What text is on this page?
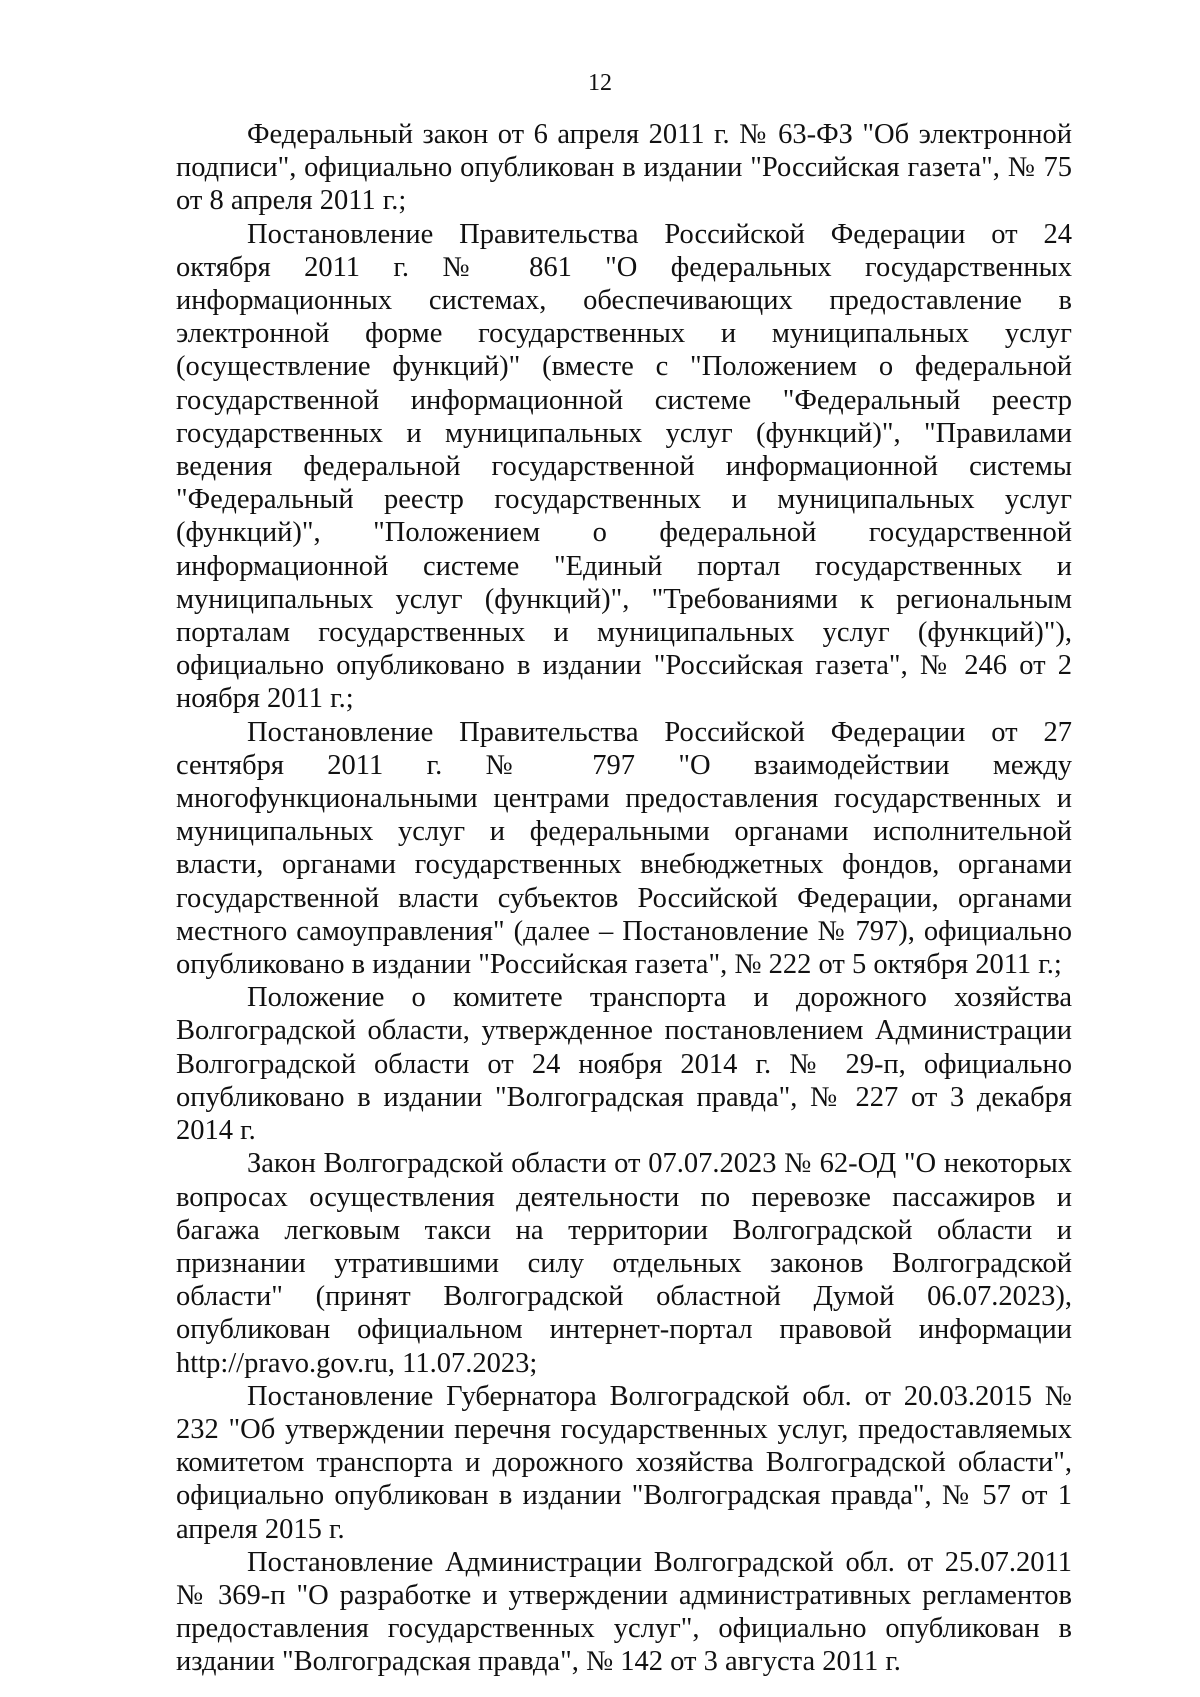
12

Федеральный закон от 6 апреля 2011 г. № 63-ФЗ "Об электронной подписи", официально опубликован в издании "Российская газета", № 75 от 8 апреля 2011 г.;

Постановление Правительства Российской Федерации от 24 октября 2011 г. № 861 "О федеральных государственных информационных системах, обеспечивающих предоставление в электронной форме государственных и муниципальных услуг (осуществление функций)" (вместе с "Положением о федеральной государственной информационной системе "Федеральный реестр государственных и муниципальных услуг (функций)", "Правилами ведения федеральной государственной информационной системы "Федеральный реестр государственных и муниципальных услуг (функций)", "Положением о федеральной государственной информационной системе "Единый портал государственных и муниципальных услуг (функций)", "Требованиями к региональным порталам государственных и муниципальных услуг (функций)"), официально опубликовано в издании "Российская газета", № 246 от 2 ноября 2011 г.;

Постановление Правительства Российской Федерации от 27 сентября 2011 г. № 797 "О взаимодействии между многофункциональными центрами предоставления государственных и муниципальных услуг и федеральными органами исполнительной власти, органами государственных внебюджетных фондов, органами государственной власти субъектов Российской Федерации, органами местного самоуправления" (далее – Постановление № 797), официально опубликовано в издании "Российская газета", № 222 от 5 октября 2011 г.;

Положение о комитете транспорта и дорожного хозяйства Волгоградской области, утвержденное постановлением Администрации Волгоградской области от 24 ноября 2014 г. № 29-п, официально опубликовано в издании "Волгоградская правда", № 227 от 3 декабря 2014 г.

Закон Волгоградской области от 07.07.2023 № 62-ОД "О некоторых вопросах осуществления деятельности по перевозке пассажиров и багажа легковым такси на территории Волгоградской области и признании утратившими силу отдельных законов Волгоградской области" (принят Волгоградской областной Думой 06.07.2023), опубликован официальном интернет-портал правовой информации http://pravo.gov.ru, 11.07.2023;

Постановление Губернатора Волгоградской обл. от 20.03.2015 № 232 "Об утверждении перечня государственных услуг, предоставляемых комитетом транспорта и дорожного хозяйства Волгоградской области", официально опубликован в издании "Волгоградская правда", № 57 от 1 апреля 2015 г.

Постановление Администрации Волгоградской обл. от 25.07.2011 № 369-п "О разработке и утверждении административных регламентов предоставления государственных услуг", официально опубликован в издании "Волгоградская правда", № 142 от 3 августа 2011 г.
